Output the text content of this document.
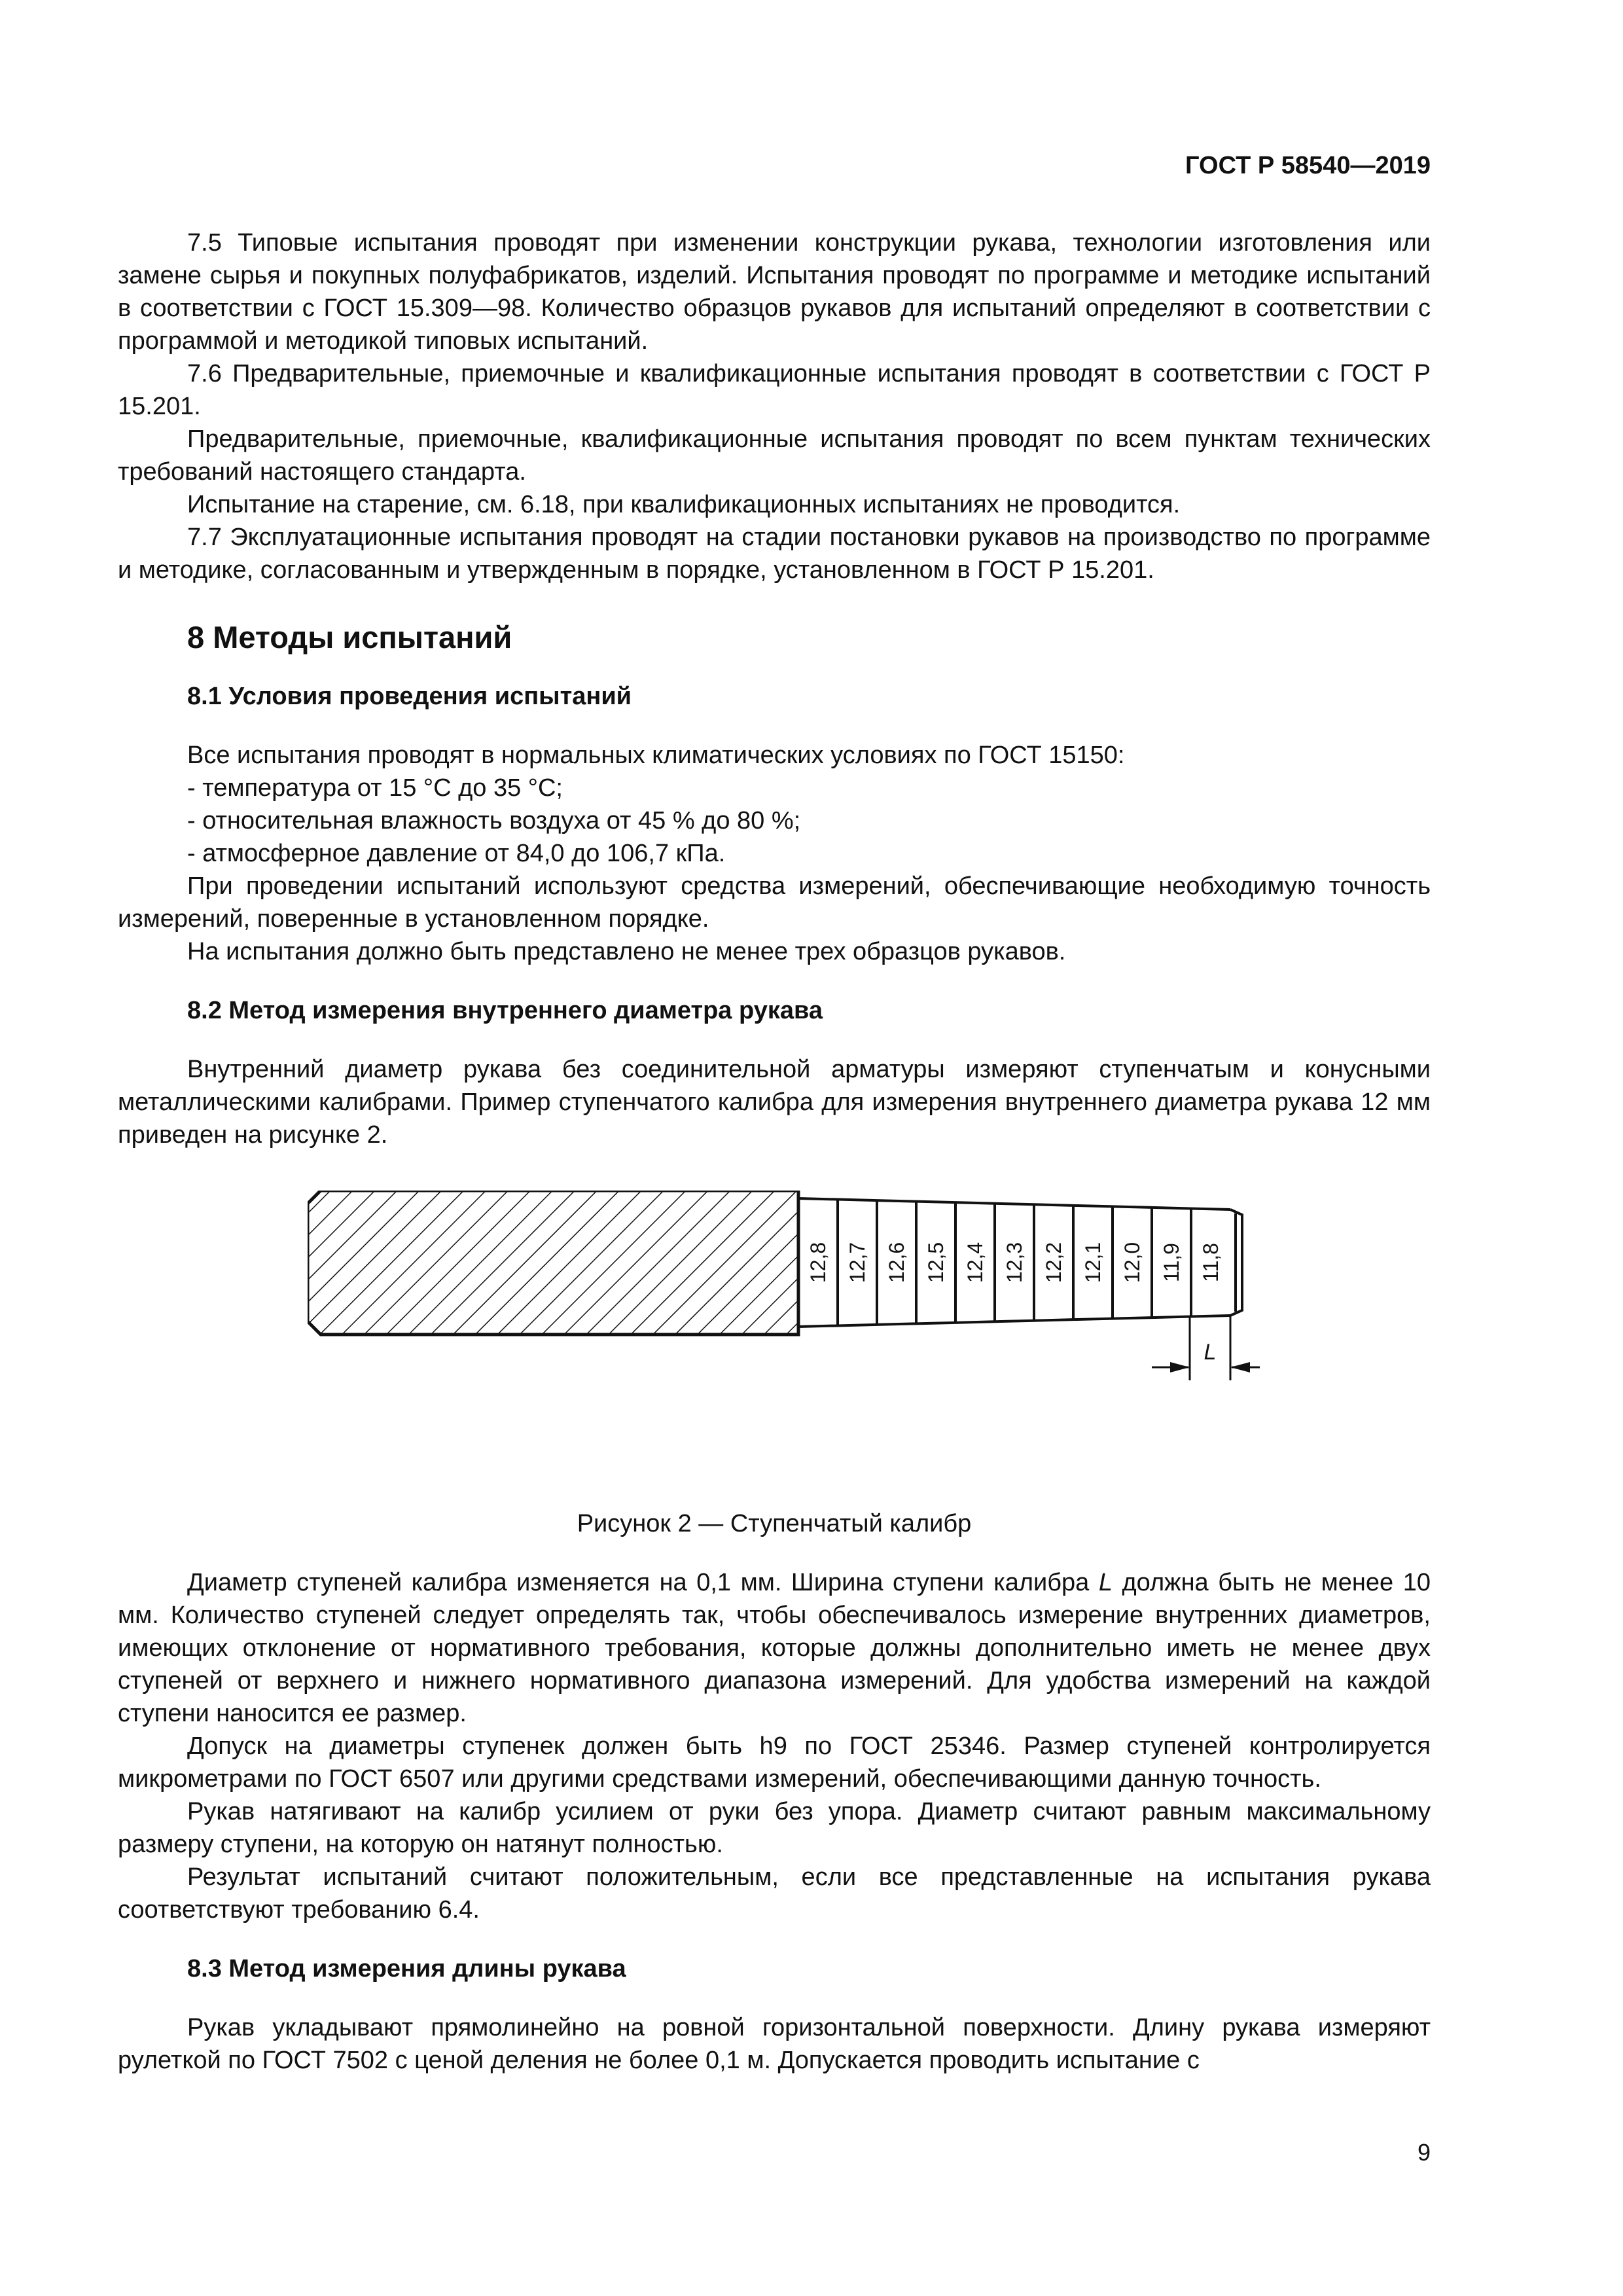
ГОСТ Р 58540—2019

7.5 Типовые испытания проводят при изменении конструкции рукава, технологии изготовления или замене сырья и покупных полуфабрикатов, изделий. Испытания проводят по программе и методике испытаний в соответствии с ГОСТ 15.309—98. Количество образцов рукавов для испытаний определяют в соответствии с программой и методикой типовых испытаний.

7.6 Предварительные, приемочные и квалификационные испытания проводят в соответствии с ГОСТ Р 15.201.

Предварительные, приемочные, квалификационные испытания проводят по всем пунктам технических требований настоящего стандарта.

Испытание на старение, см. 6.18, при квалификационных испытаниях не проводится.

7.7 Эксплуатационные испытания проводят на стадии постановки рукавов на производство по программе и методике, согласованным и утвержденным в порядке, установленном в ГОСТ Р 15.201.

8 Методы испытаний

8.1 Условия проведения испытаний

Все испытания проводят в нормальных климатических условиях по ГОСТ 15150:

- температура от 15 °С до 35 °С;

- относительная влажность воздуха от 45 % до 80 %;

- атмосферное давление от 84,0 до 106,7 кПа.

При проведении испытаний используют средства измерений, обеспечивающие необходимую точность измерений, поверенные в установленном порядке.

На испытания должно быть представлено не менее трех образцов рукавов.

8.2 Метод измерения внутреннего диаметра рукава

Внутренний диаметр рукава без соединительной арматуры измеряют ступенчатым и конусными металлическими калибрами. Пример ступенчатого калибра для измерения внутреннего диаметра рукава 12 мм приведен на рисунке 2.

12,8 12,7 12,6 12,5 12,4 12,3 12,2 12,1 12,0 11,9 11,8
L

Рисунок 2 — Ступенчатый калибр

Диаметр ступеней калибра изменяется на 0,1 мм. Ширина ступени калибра L должна быть не менее 10 мм. Количество ступеней следует определять так, чтобы обеспечивалось измерение внутренних диаметров, имеющих отклонение от нормативного требования, которые должны дополнительно иметь не менее двух ступеней от верхнего и нижнего нормативного диапазона измерений. Для удобства измерений на каждой ступени наносится ее размер.

Допуск на диаметры ступенек должен быть h9 по ГОСТ 25346. Размер ступеней контролируется микрометрами по ГОСТ 6507 или другими средствами измерений, обеспечивающими данную точность.

Рукав натягивают на калибр усилием от руки без упора. Диаметр считают равным максимальному размеру ступени, на которую он натянут полностью.

Результат испытаний считают положительным, если все представленные на испытания рукава соответствуют требованию 6.4.

8.3 Метод измерения длины рукава

Рукав укладывают прямолинейно на ровной горизонтальной поверхности. Длину рукава измеряют рулеткой по ГОСТ 7502 с ценой деления не более 0,1 м. Допускается проводить испытание с

9
